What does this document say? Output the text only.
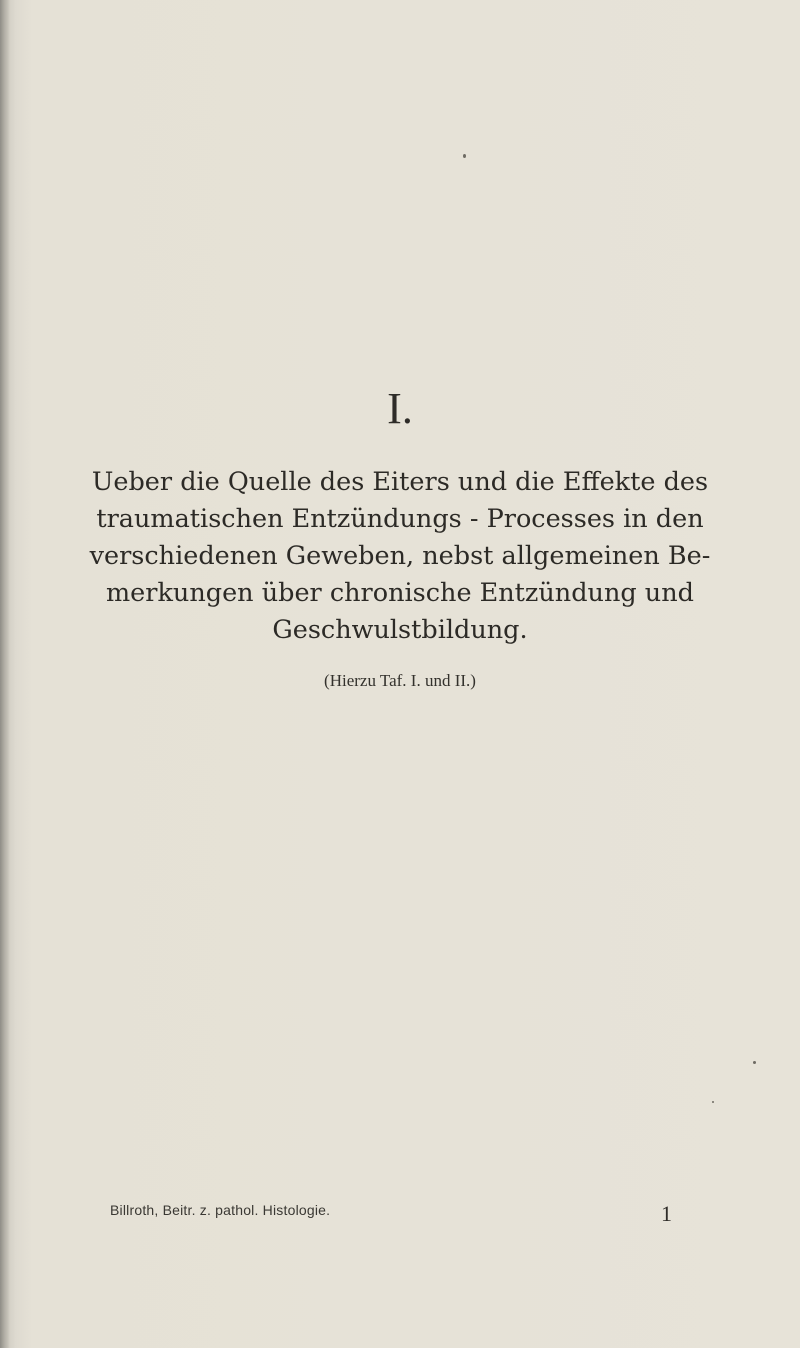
I.
Ueber die Quelle des Eiters und die Effekte des
traumatischen Entzündungs - Processes in den
verschiedenen Geweben, nebst allgemeinen Be-
merkungen über chronische Entzündung und
Geschwulstbildung.
(Hierzu Taf. I. und II.)
Billroth, Beitr. z. pathol. Histologie.	1
